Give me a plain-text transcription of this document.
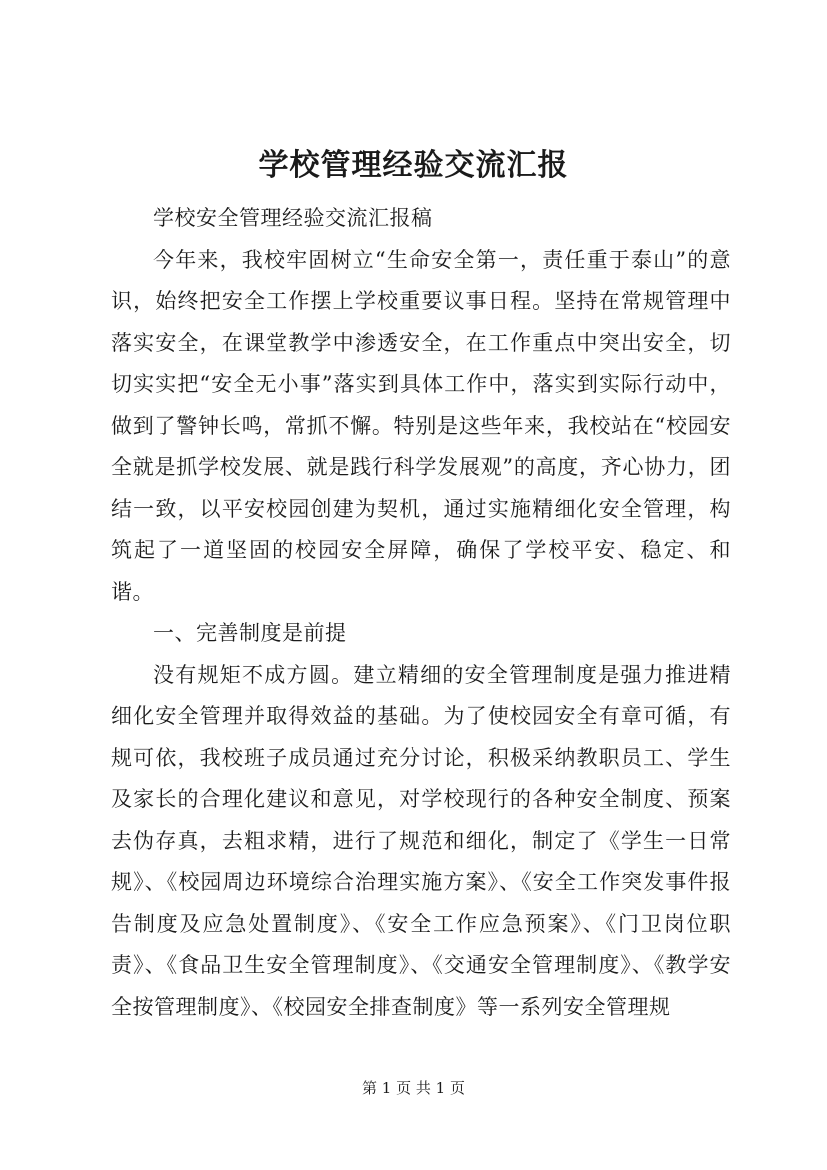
学校管理经验交流汇报

学校安全管理经验交流汇报稿

今年来，我校牢固树立“生命安全第一，责任重于泰山”的意识，始终把安全工作摆上学校重要议事日程。坚持在常规管理中落实安全，在课堂教学中渗透安全，在工作重点中突出安全，切切实实把“安全无小事”落实到具体工作中，落实到实际行动中，做到了警钟长鸣，常抓不懈。特别是这些年来，我校站在“校园安全就是抓学校发展、就是践行科学发展观”的高度，齐心协力，团结一致，以平安校园创建为契机，通过实施精细化安全管理，构筑起了一道坚固的校园安全屏障，确保了学校平安、稳定、和谐。

一、完善制度是前提

没有规矩不成方圆。建立精细的安全管理制度是强力推进精细化安全管理并取得效益的基础。为了使校园安全有章可循，有规可依，我校班子成员通过充分讨论，积极采纳教职员工、学生及家长的合理化建议和意见，对学校现行的各种安全制度、预案去伪存真，去粗求精，进行了规范和细化，制定了《学生一日常规》、《校园周边环境综合治理实施方案》、《安全工作突发事件报告制度及应急处置制度》、《安全工作应急预案》、《门卫岗位职责》、《食品卫生安全管理制度》、《交通安全管理制度》、《教学安全按管理制度》、《校园安全排查制度》等一系列安全管理规

第 1 页 共 1 页
